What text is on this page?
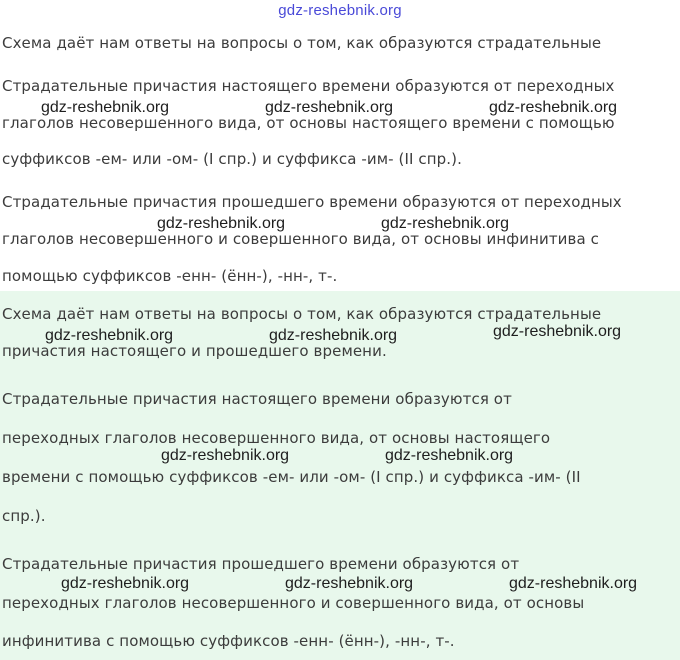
gdz-reshebnik.org
Схема даёт нам ответы на вопросы о том, как образуются страдательные
Страдательные причастия настоящего времени образуются от переходных
глаголов несовершенного вида, от основы настоящего времени с помощью
суффиксов -ем- или -ом- (I спр.) и суффикса -им- (II спр.).
Страдательные причастия прошедшего времени образуются от переходных
глаголов несовершенного и совершенного вида, от основы инфинитива с
помощью суффиксов -енн- (ённ-), -нн-, т-.
Схема даёт нам ответы на вопросы о том, как образуются страдательные
причастия настоящего и прошедшего времени.
Страдательные причастия настоящего времени образуются от
переходных глаголов несовершенного вида, от основы настоящего
времени с помощью суффиксов -ем- или -ом- (I спр.) и суффикса -им- (II
спр.).
Страдательные причастия прошедшего времени образуются от
переходных глаголов несовершенного и совершенного вида, от основы
инфинитива с помощью суффиксов -енн- (ённ-), -нн-, т-.
gdz-reshebnik.org	gdz-reshebnik.org	gdz-reshebnik.org
gdz-reshebnik.org	gdz-reshebnik.org
gdz-reshebnik.org	gdz-reshebnik.org	gdz-reshebnik.org
gdz-reshebnik.org	gdz-reshebnik.org
gdz-reshebnik.org	gdz-reshebnik.org	gdz-reshebnik.org
